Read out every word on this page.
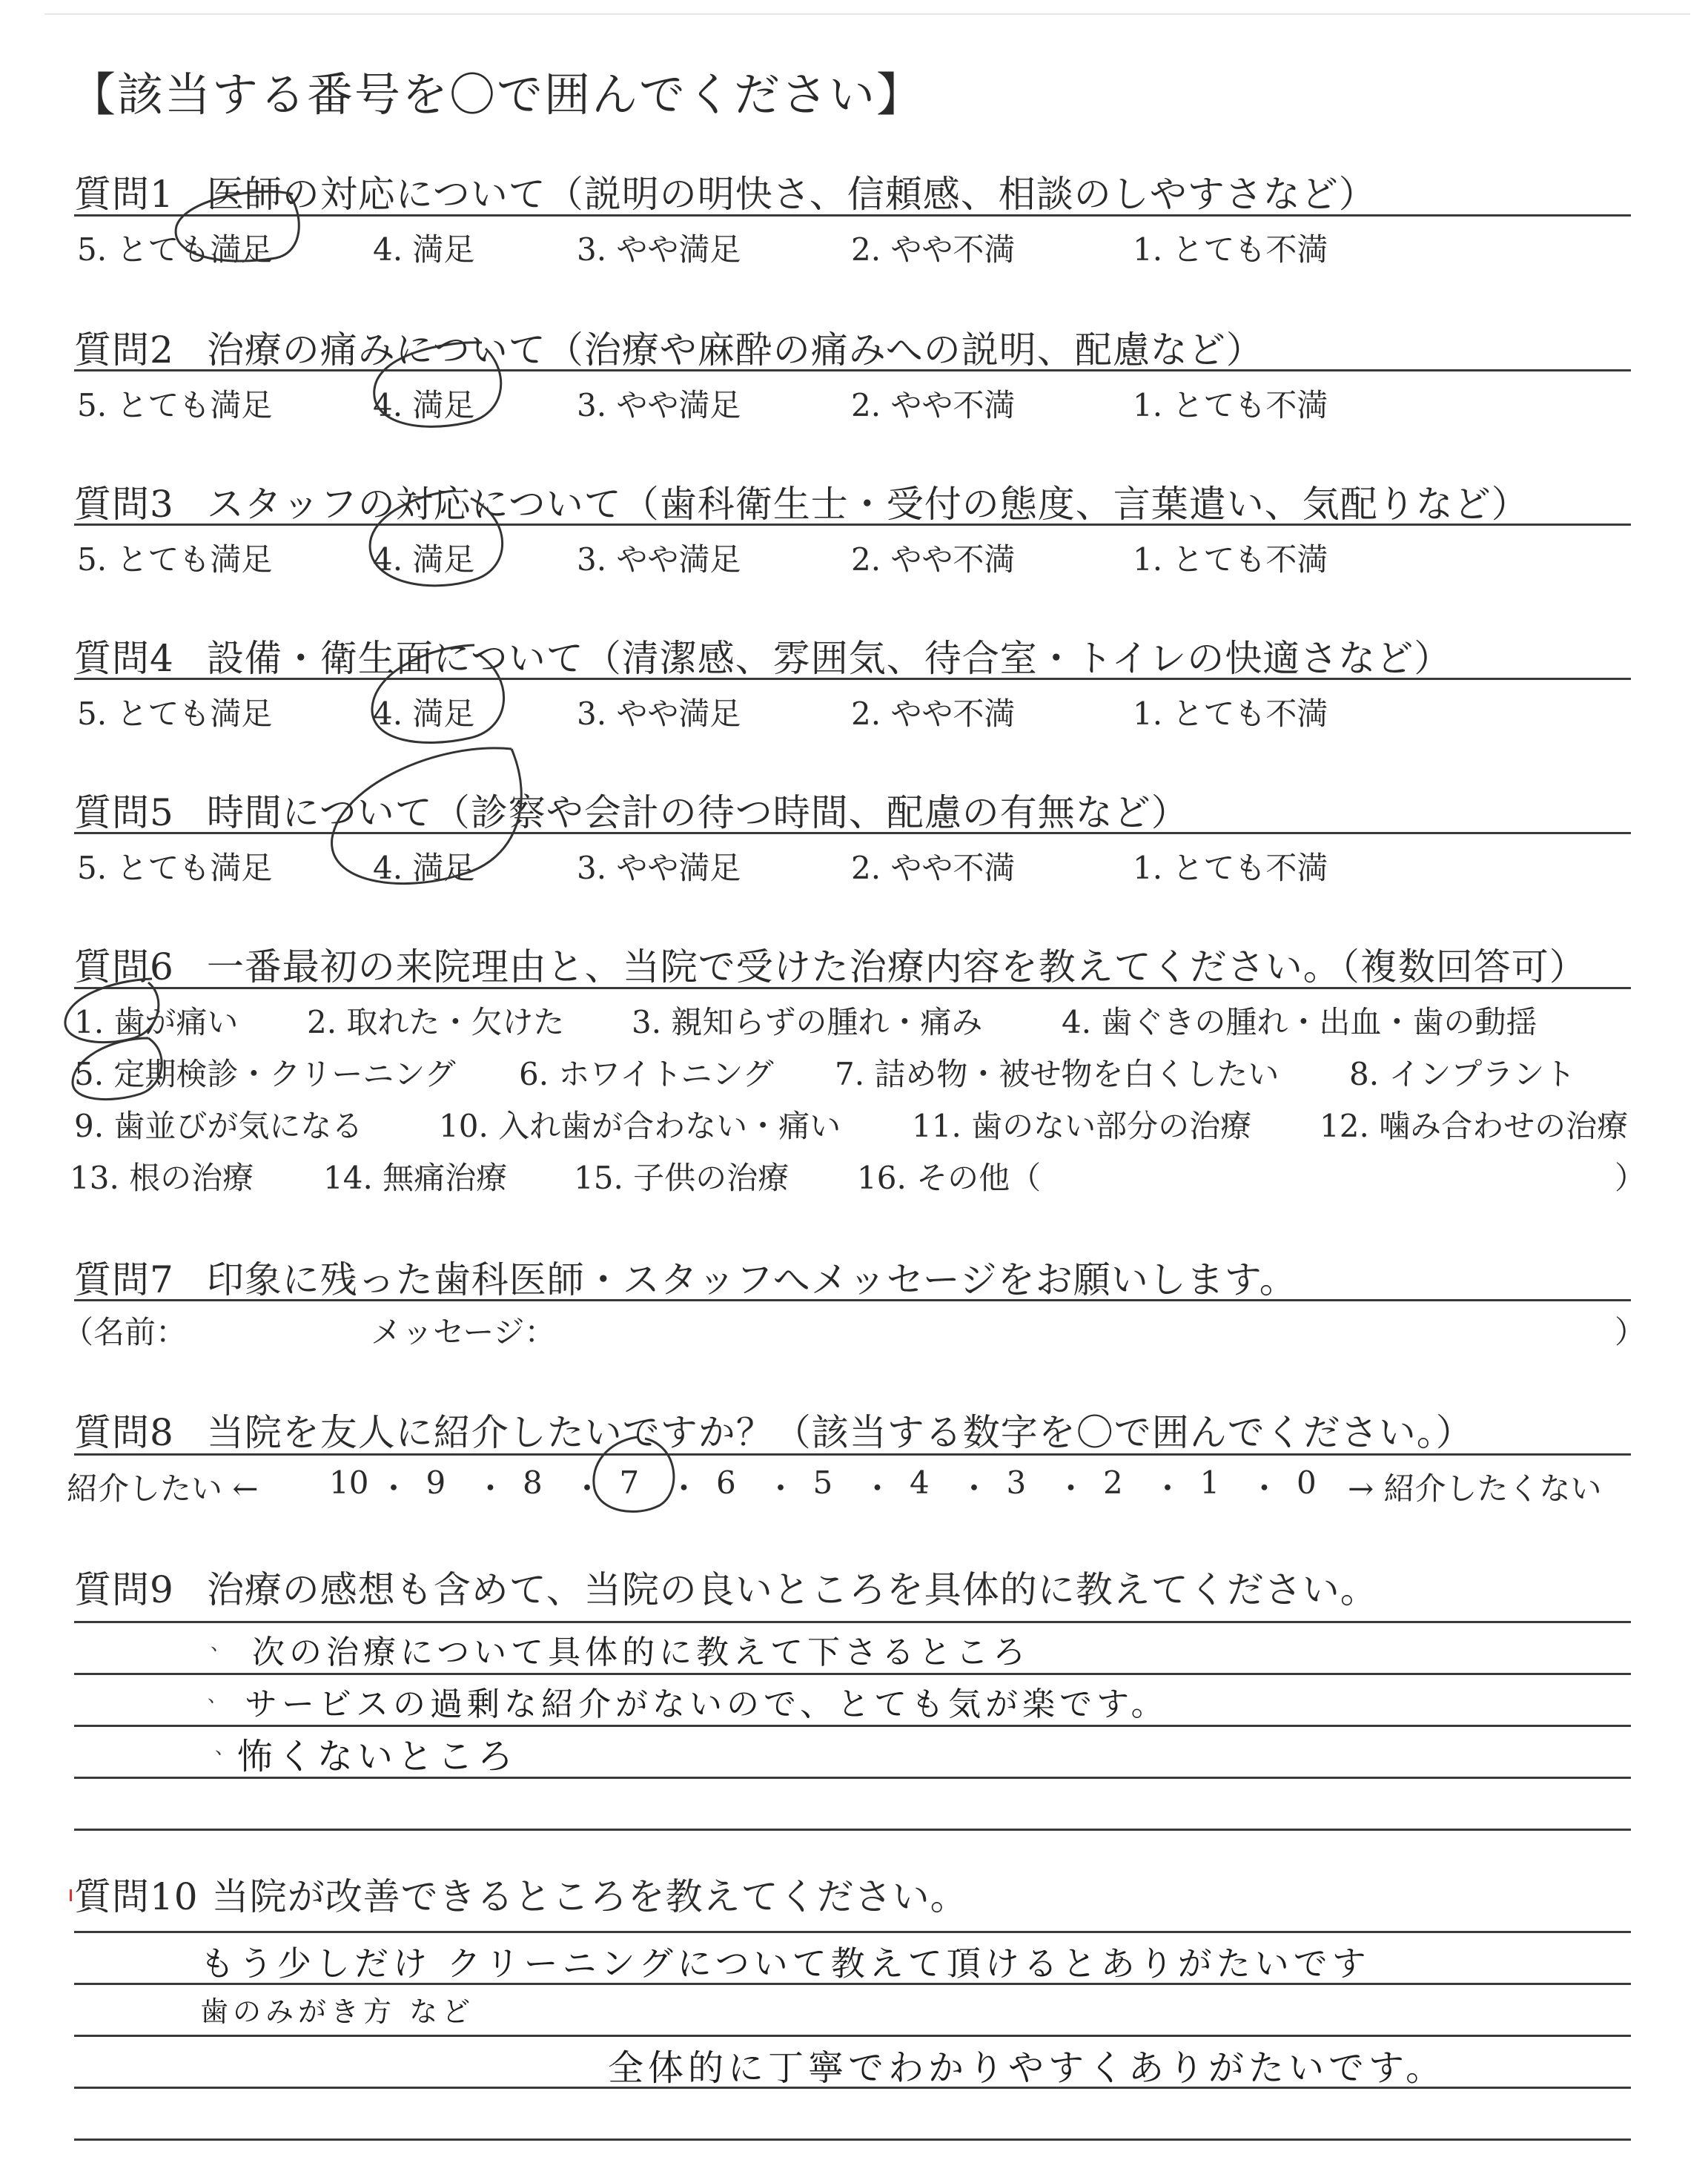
【該当する番号を〇で囲んでください】
質問1 医師の対応について（説明の明快さ、信頼感、相談のしやすさなど）
5. とても満足	4. 満足	3. やや満足	2. やや不満	1. とても不満
質問2 治療の痛みについて（治療や麻酔の痛みへの説明、配慮など）
5. とても満足	4. 満足	3. やや満足	2. やや不満	1. とても不満
質問3 スタッフの対応について（歯科衛生士・受付の態度、言葉遣い、気配りなど）
5. とても満足	4. 満足	3. やや満足	2. やや不満	1. とても不満
質問4 設備・衛生面について（清潔感、雰囲気、待合室・トイレの快適さなど）
5. とても満足	4. 満足	3. やや満足	2. やや不満	1. とても不満
質問5 時間について（診察や会計の待つ時間、配慮の有無など）
5. とても満足	4. 満足	3. やや満足	2. やや不満	1. とても不満
質問6 一番最初の来院理由と、当院で受けた治療内容を教えてください。（複数回答可）
1. 歯が痛い 2. 取れた・欠けた 3. 親知らずの腫れ・痛み	4. 歯ぐきの腫れ・出血・歯の動揺
5. 定期検診・クリーニング 6. ホワイトニング 7. 詰め物・被せ物を白くしたい 8. インプラント
9. 歯並びが気になる 10. 入れ歯が合わない・痛い 11. 歯のない部分の治療 12. 噛み合わせの治療
13. 根の治療 14. 無痛治療 15. 子供の治療 16. その他（	）
質問7 印象に残った歯科医師・スタッフへメッセージをお願いします。
（名前：	メッセージ：	）
質問8 当院を友人に紹介したいですか？（該当する数字を〇で囲んでください。）
紹介したい ← 10 ・ 9 ・ 8 ・ 7 ・ 6 ・ 5 ・ 4 ・ 3 ・ 2 ・ 1 ・ 0 → 紹介したくない
質問9 治療の感想も含めて、当院の良いところを具体的に教えてください。
、
、
、
次の治療について具体的に教えて下さるところ
サービスの過剰な紹介がないので、とても気が楽です。
怖くないところ
質問10 当院が改善できるところを教えてください。
もう少しだけ クリーニングについて教えて頂けるとありがたいです
歯のみがき方 など
全体的に丁寧でわかりやすくありがたいです。
